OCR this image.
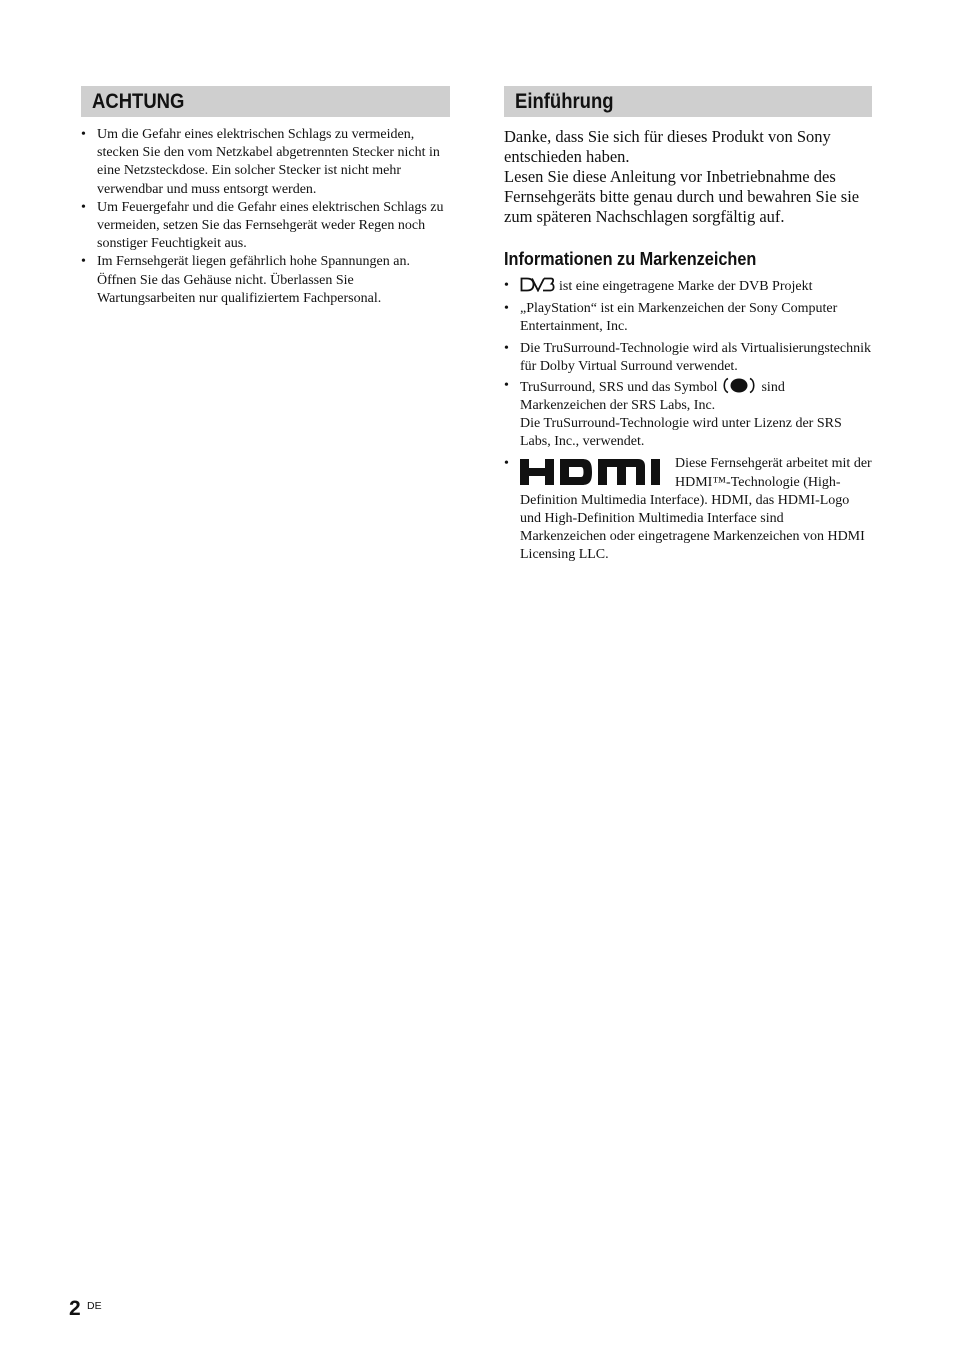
ACHTUNG
• Um die Gefahr eines elektrischen Schlags zu vermeiden, stecken Sie den vom Netzkabel abgetrennten Stecker nicht in eine Netzsteckdose. Ein solcher Stecker ist nicht mehr verwendbar und muss entsorgt werden.
• Um Feuergefahr und die Gefahr eines elektrischen Schlags zu vermeiden, setzen Sie das Fernsehgerät weder Regen noch sonstiger Feuchtigkeit aus.
• Im Fernsehgerät liegen gefährlich hohe Spannungen an. Öffnen Sie das Gehäuse nicht. Überlassen Sie Wartungsarbeiten nur qualifiziertem Fachpersonal.
Einführung

Danke, dass Sie sich für dieses Produkt von Sony entschieden haben.

Lesen Sie diese Anleitung vor Inbetriebnahme des Fernsehgeräts bitte genau durch und bewahren Sie sie zum späteren Nachschlagen sorgfältig auf.

Informationen zu Markenzeichen
•	ist eine eingetragene Marke der DVB Projekt
• „PlayStation“ ist ein Markenzeichen der Sony Computer Entertainment, Inc.
• Die TruSurround-Technologie wird als Virtualisierungstechnik für Dolby Virtual Surround verwendet.
• TruSurround, SRS und das Symbol	sind Markenzeichen der SRS Labs, Inc.
Die TruSurround-Technologie wird unter Lizenz der SRS Labs, Inc., verwendet.
•	Diese Fernsehgerät arbeitet mit der HDMI™-Technologie (High-Definition Multimedia Interface). HDMI, das HDMI-Logo und High-Definition Multimedia Interface sind Markenzeichen oder eingetragene Markenzeichen von HDMI Licensing LLC.
2 DE
